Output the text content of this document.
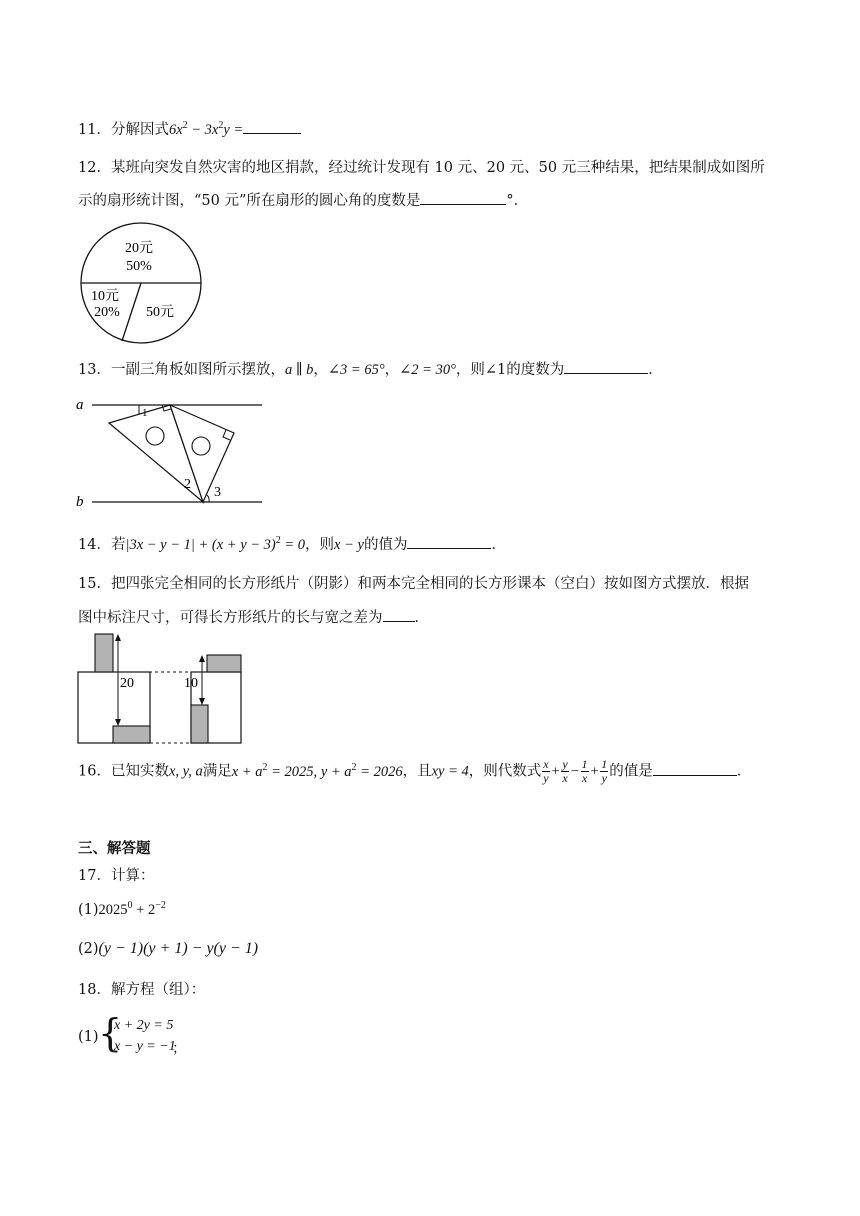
11．分解因式$6x^2 - 3x^2y$ =
12．某班向突发自然灾害的地区捐款，经过统计发现有 10 元、20 元、50 元三种结果，把结果制成如图所
示的扇形统计图，“50 元”所在扇形的圆心角的度数是	°．
20元
50%
10元
20% 50元
13．一副三角板如图所示摆放，a ∥ b，∠3 = 65°，∠2 = 30°，则∠1的度数为	．
a
b
1
2
3
14．若$|3x - y - 1| + (x + y - 3)^2 = 0$，则x − y的值为	．
15．把四张完全相同的长方形纸片（阴影）和两本完全相同的长方形课本（空白）按如图方式摆放．根据
图中标注尺寸，可得长方形纸片的长与宽之差为 ．
20	10
16．已知实数x, y, a满足$x + a^2 = 2025$, $y + a^2 = 2026$，且xy = 4，则代数式 $\frac{x}{y} + \frac{y}{x} - \frac{1}{x} + \frac{1}{y}$ 的值是	．
三、解答题
17．计算：
$(1)2025^0 + 2^{-2}$
(2)(y − 1)(y + 1) − y(y − 1)
18．解方程（组）：
(1) {
x + 2y = 5
x − y = −1
；
